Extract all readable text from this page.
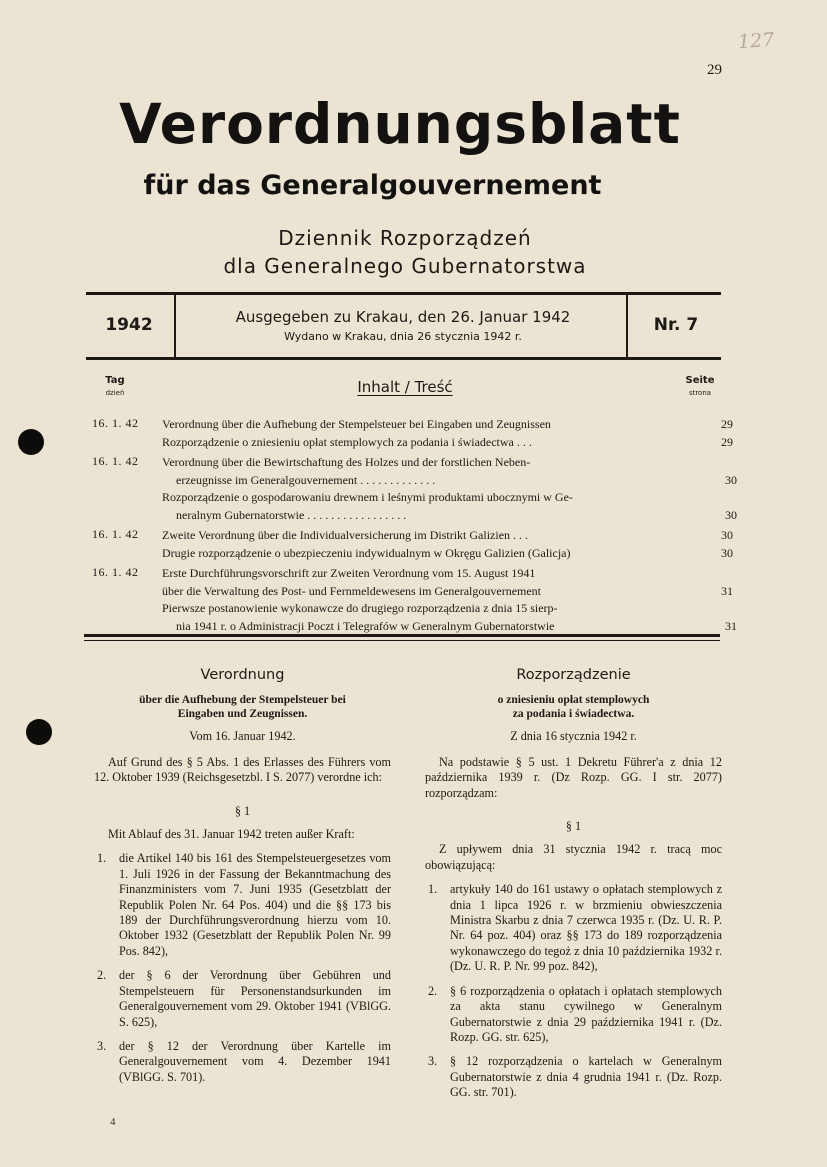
127
29
Verordnungsblatt
für das Generalgouvernement
Dziennik Rozporządzeń
dla Generalnego Gubernatorstwa
1942	Ausgegeben zu Krakau, den 26. Januar 1942
Wydano w Krakau, dnia 26 stycznia 1942 r.
Nr. 7
Tag
dzień	Inhalt / Treść	Seite
strona
16. 1. 42	Verordnung über die Aufhebung der Stempelsteuer bei Eingaben und Zeugnissen	29
Rozporządzenie o zniesieniu opłat stemplowych za podania i świadectwa . . .	29
16. 1. 42	Verordnung über die Bewirtschaftung des Holzes und der forstlichen Neben-
erzeugnisse im Generalgouvernement . . . . . . . . . . . . .	30
Rozporządzenie o gospodarowaniu drewnem i leśnymi produktami ubocznymi w Ge-
neralnym Gubernatorstwie . . . . . . . . . . . . . . . . .	30
16. 1. 42	Zweite Verordnung über die Individualversicherung im Distrikt Galizien . . .	30
Drugie rozporządzenie o ubezpieczeniu indywidualnym w Okręgu Galizien (Galicja)	30
16. 1. 42	Erste Durchführungsvorschrift zur Zweiten Verordnung vom 15. August 1941
über die Verwaltung des Post- und Fernmeldewesens im Generalgouvernement	31
Pierwsze postanowienie wykonawcze do drugiego rozporządzenia z dnia 15 sierp-
nia 1941 r. o Administracji Poczt i Telegrafów w Generalnym Gubernatorstwie	31
Verordnung
über die Aufhebung der Stempelsteuer bei
Eingaben und Zeugnissen.
Vom 16. Januar 1942.

Auf Grund des § 5 Abs. 1 des Erlasses des Führers vom 12. Oktober 1939 (Reichsgesetzbl. I S. 2077) verordne ich:

§ 1

Mit Ablauf des 31. Januar 1942 treten außer Kraft:

1.	die Artikel 140 bis 161 des Stempelsteuergesetzes vom 1. Juli 1926 in der Fassung der Bekanntmachung des Finanzministers vom 7. Juni 1935 (Gesetzblatt der Republik Polen Nr. 64 Pos. 404) und die §§ 173 bis 189 der Durchführungsverordnung hierzu vom 10. Oktober 1932 (Gesetzblatt der Republik Polen Nr. 99 Pos. 842),
2.	der § 6 der Verordnung über Gebühren und Stempelsteuern für Personenstandsurkunden im Generalgouvernement vom 29. Oktober 1941 (VBlGG. S. 625),
3.	der § 12 der Verordnung über Kartelle im Generalgouvernement vom 4. Dezember 1941 (VBlGG. S. 701).
Rozporządzenie
o zniesieniu opłat stemplowych
za podania i świadectwa.
Z dnia 16 stycznia 1942 r.

Na podstawie § 5 ust. 1 Dekretu Führer'a z dnia 12 października 1939 r. (Dz Rozp. GG. I str. 2077) rozporządzam:

§ 1

Z upływem dnia 31 stycznia 1942 r. tracą moc obowiązującą:

1.	artykuły 140 do 161 ustawy o opłatach stemplowych z dnia 1 lipca 1926 r. w brzmieniu obwieszczenia Ministra Skarbu z dnia 7 czerwca 1935 r. (Dz. U. R. P. Nr. 64 poz. 404) oraz §§ 173 do 189 rozporządzenia wykonawczego do tegoż z dnia 10 października 1932 r. (Dz. U. R. P. Nr. 99 poz. 842),
2.	§ 6 rozporządzenia o opłatach i opłatach stemplowych za akta stanu cywilnego w Generalnym Gubernatorstwie z dnia 29 października 1941 r. (Dz. Rozp. GG. str. 625),
3.	§ 12 rozporządzenia o kartelach w Generalnym Gubernatorstwie z dnia 4 grudnia 1941 r. (Dz. Rozp. GG. str. 701).
4
